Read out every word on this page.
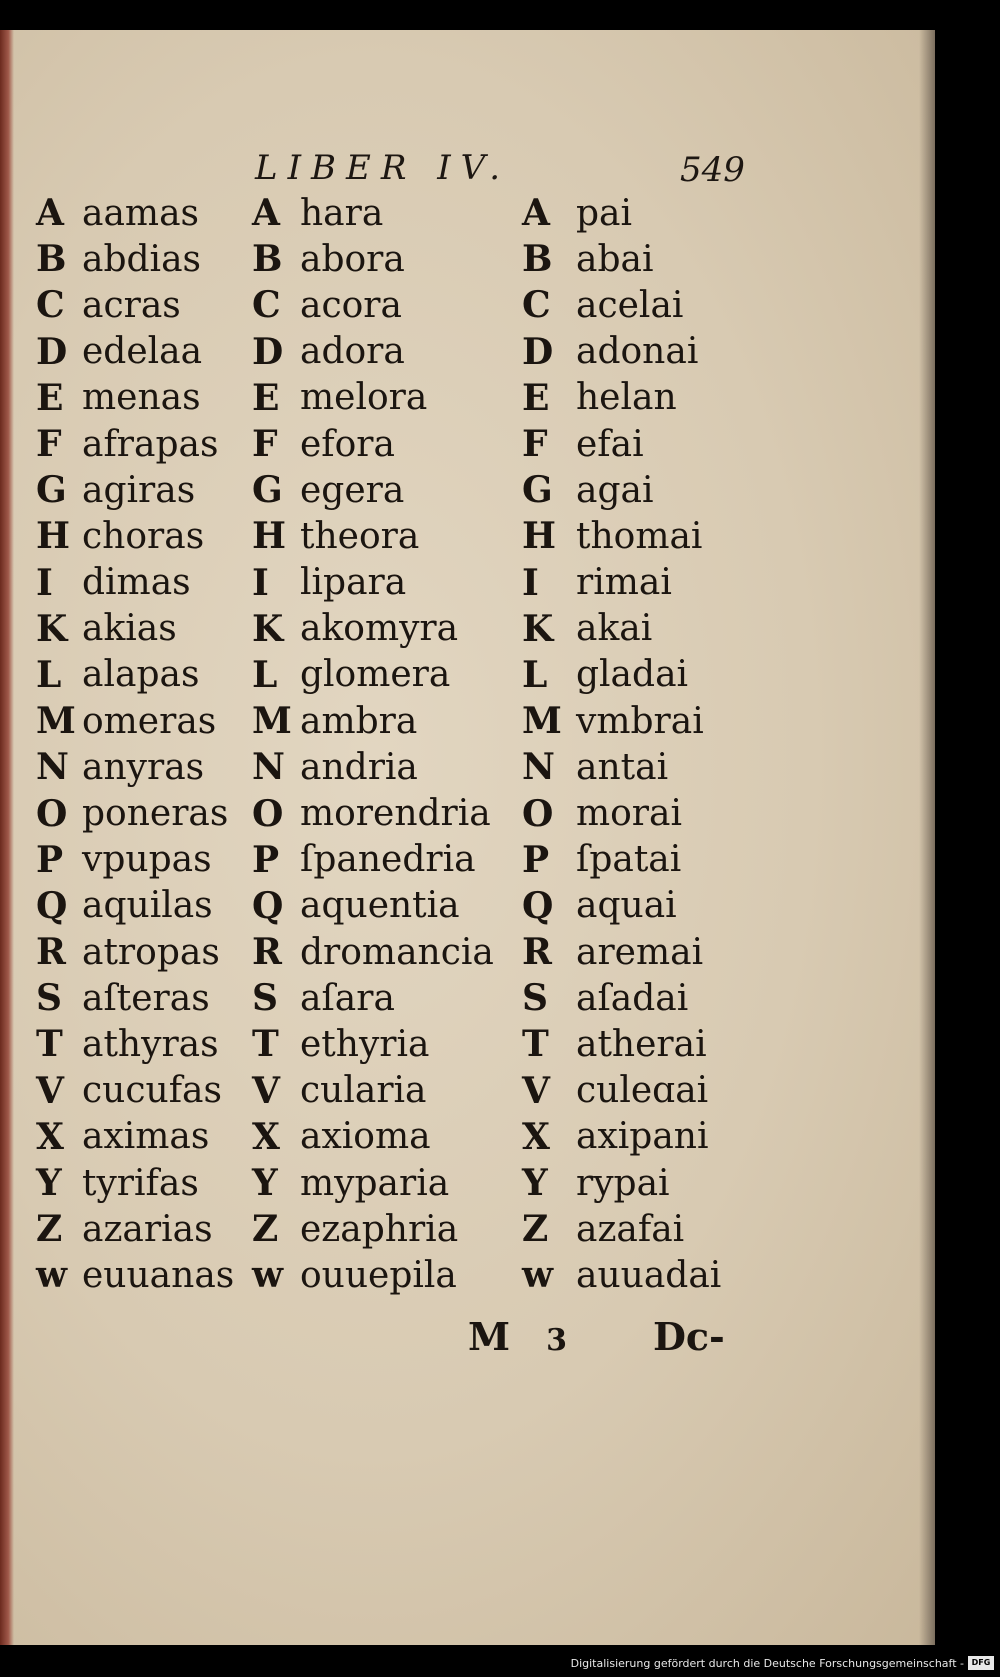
LIBER IV.	549
A aamas
B abdias
C acras
D edelaa
E menas
F afrapas
G agiras
H choras
I dimas
K akias
L alapas
M omeras
N anyras
O poneras
P vpupas
Q aquilas
R atropas
S aſteras
T athyras
V cucufas
X aximas
Y tyrifas
Z azarias
w euuanas
A hara
B abora
C acora
D adora
E melora
F efora
G egera
H theora
I lipara
K akomyra
L glomera
M ambra
N andria
O morendria
P ſpanedria
Q aquentia
R dromancia
S aſara
T ethyria
V cularia
X axioma
Y myparia
Z ezaphria
w ouuepila
A pai
B abai
C acelai
D adonai
E helan
F efai
G agai
H thomai
I	rimai
K akai
L gladai
M vmbrai
N antai
O morai
P ſpatai
Q aquai
R aremai
S aſadai
T atherai
V culeɑai
X axipani
Y rypai
Z azafai
w auuadai
M 3 Dc-
Digitalisierung gefördert durch die Deutsche Forschungsgemeinschaft - DFG
